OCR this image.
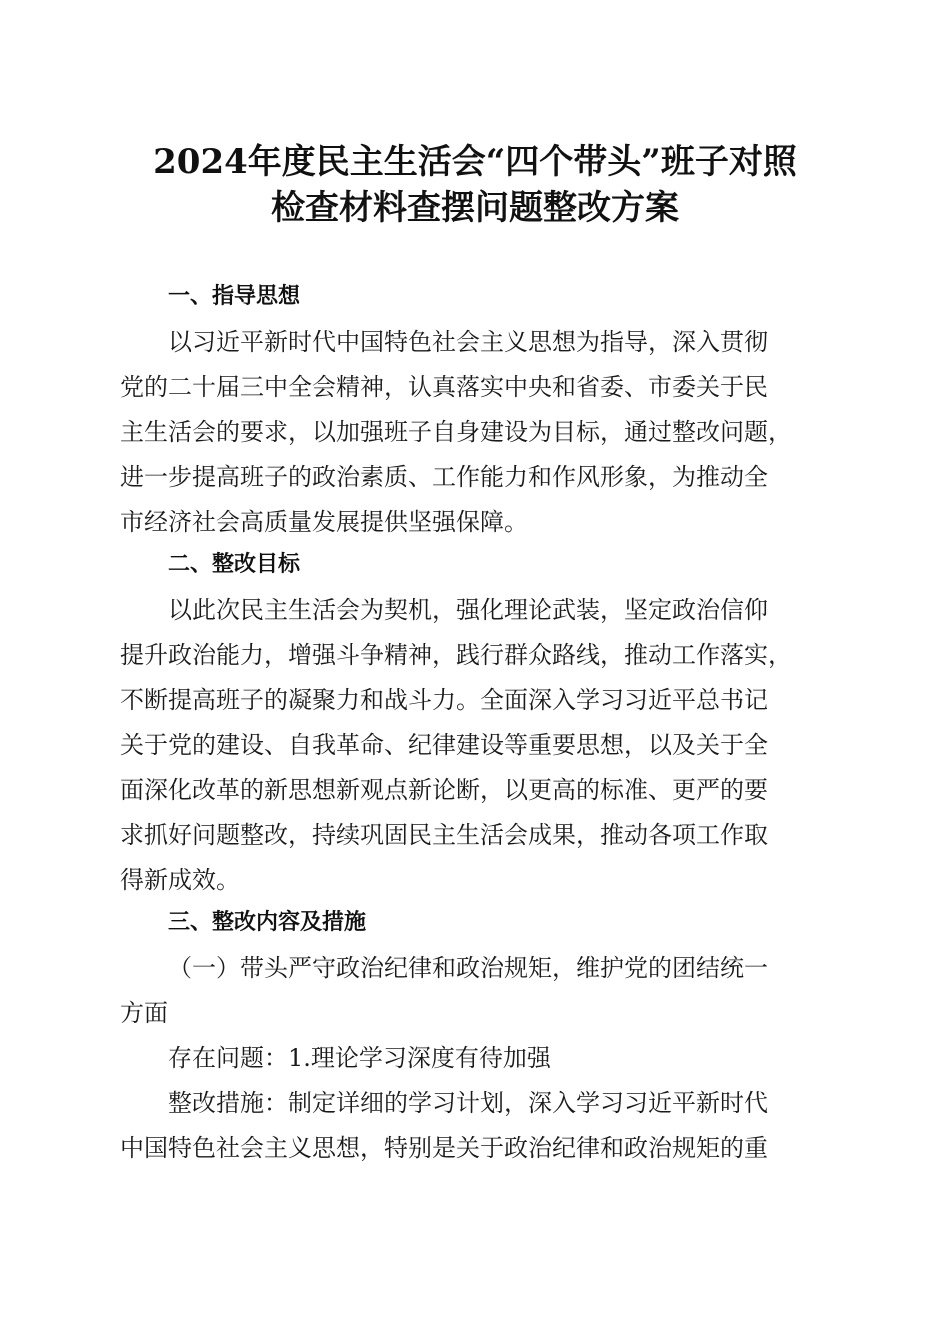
2024年度民主生活会“四个带头”班子对照
检查材料查摆问题整改方案
一、指导思想
以习近平新时代中国特色社会主义思想为指导，深入贯彻
党的二十届三中全会精神，认真落实中央和省委、市委关于民
主生活会的要求，以加强班子自身建设为目标，通过整改问题，
进一步提高班子的政治素质、工作能力和作风形象，为推动全
市经济社会高质量发展提供坚强保障。
二、整改目标
以此次民主生活会为契机，强化理论武装，坚定政治信仰
提升政治能力，增强斗争精神，践行群众路线，推动工作落实，
不断提高班子的凝聚力和战斗力。全面深入学习习近平总书记
关于党的建设、自我革命、纪律建设等重要思想，以及关于全
面深化改革的新思想新观点新论断，以更高的标准、更严的要
求抓好问题整改，持续巩固民主生活会成果，推动各项工作取
得新成效。
三、整改内容及措施
（一）带头严守政治纪律和政治规矩，维护党的团结统一
方面
存在问题：1.理论学习深度有待加强
整改措施：制定详细的学习计划，深入学习习近平新时代
中国特色社会主义思想，特别是关于政治纪律和政治规矩的重
